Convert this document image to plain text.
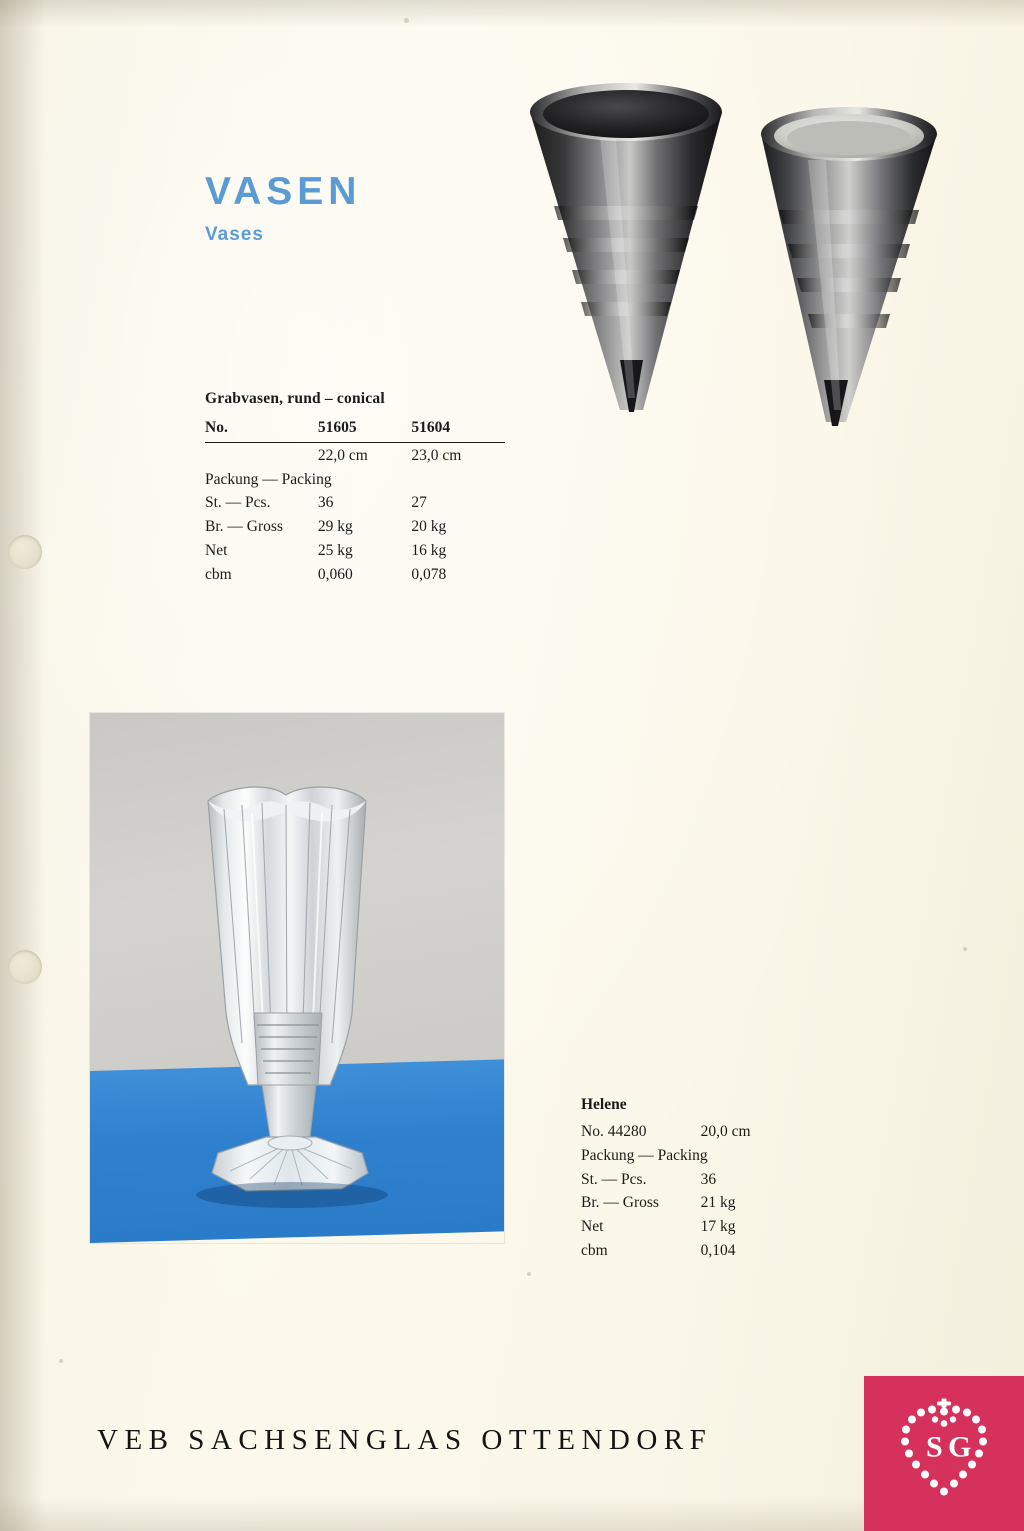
VASEN
Vases
Grabvasen, rund – conical
No.	51605	51604

	22,0 cm	23,0 cm
Packung — Packing		
St. — Pcs.	36	27
Br. — Gross	29 kg	20 kg
Net	25 kg	16 kg
cbm	0,060	0,078
Helene
No. 44280	20,0 cm
Packung — Packing	
St. — Pcs.	36
Br. — Gross	21 kg
Net	17 kg
cbm	0,104
VEB SACHSENGLAS OTTENDORF	S G
